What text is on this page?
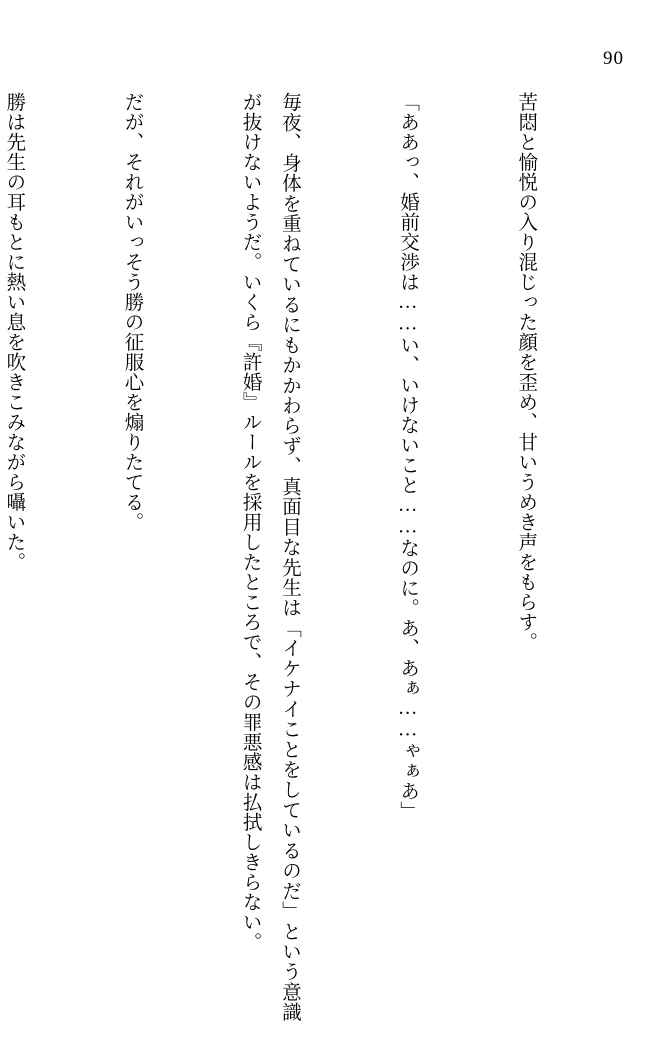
90

苦悶と愉悦の入り混じった顔を歪め、甘いうめき声をもらす。

「ああっ、婚前交渉は……い、いけないこと……なのに。あ、あぁ……ゃぁあ」

毎夜、身体を重ねているにもかかわらず、真面目な先生は「イケナイことをしているのだ」という意識が抜けないようだ。いくら『許婚』ルールを採用したところで、その罪悪感は払拭しきらない。

だが、それがいっそう勝の征服心を煽りたてる。

勝は先生の耳もとに熱い息を吹きこみながら囁いた。
